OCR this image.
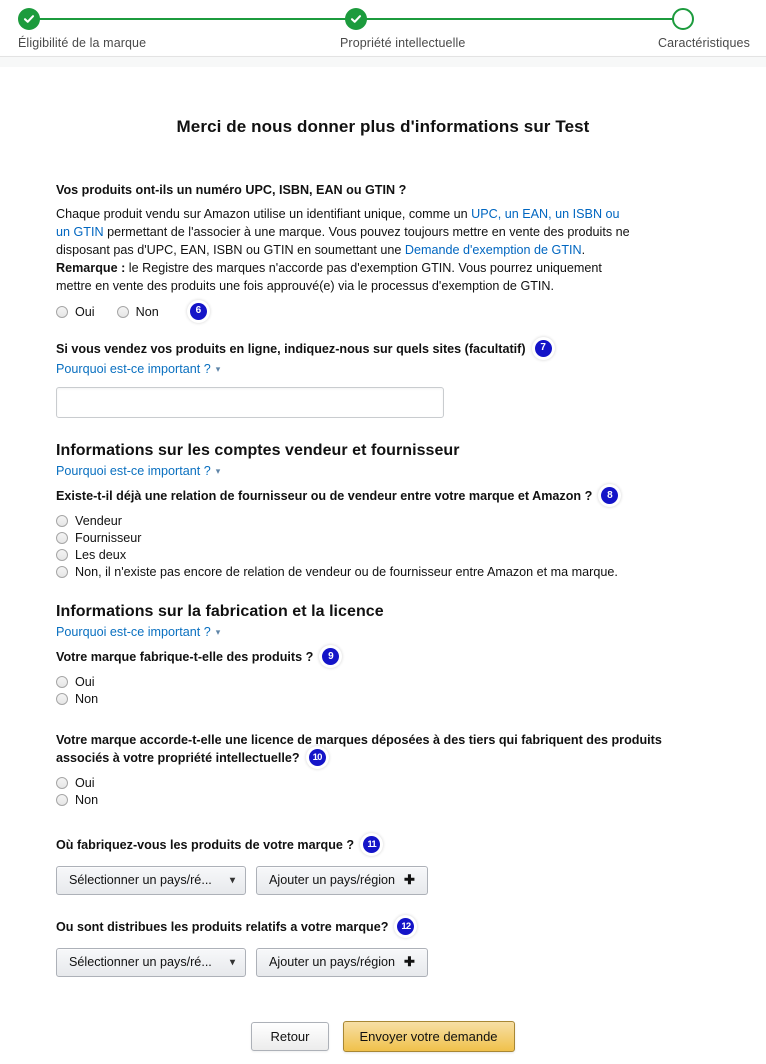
Éligibilité de la marque	Propriété intellectuelle	Caractéristiques
Merci de nous donner plus d'informations sur Test
Vos produits ont-ils un numéro UPC, ISBN, EAN ou GTIN ?

Chaque produit vendu sur Amazon utilise un identifiant unique, comme un UPC, un EAN, un ISBN ou un GTIN permettant de l'associer à une marque. Vous pouvez toujours mettre en vente des produits ne disposant pas d'UPC, EAN, ISBN ou GTIN en soumettant une Demande d'exemption de GTIN.
Remarque : le Registre des marques n'accorde pas d'exemption GTIN. Vous pourrez uniquement mettre en vente des produits une fois approuvé(e) via le processus d'exemption de GTIN.

Oui	Non	6
Si vous vendez vos produits en ligne, indiquez-nous sur quels sites (facultatif) 7
Pourquoi est-ce important ? ▾
Informations sur les comptes vendeur et fournisseur
Pourquoi est-ce important ? ▾
Existe-t-il déjà une relation de fournisseur ou de vendeur entre votre marque et Amazon ? 8
Vendeur
Fournisseur
Les deux
Non, il n'existe pas encore de relation de vendeur ou de fournisseur entre Amazon et ma marque.
Informations sur la fabrication et la licence
Pourquoi est-ce important ? ▾
Votre marque fabrique-t-elle des produits ? 9
Oui
Non
Votre marque accorde-t-elle une licence de marques déposées à des tiers qui fabriquent des produits associés à votre propriété intellectuelle? 10
Oui
Non
Où fabriquez-vous les produits de votre marque ? 11
Sélectionner un pays/ré... ▾	Ajouter un pays/région ✚
Ou sont distribues les produits relatifs a votre marque? 12
Sélectionner un pays/ré... ▾	Ajouter un pays/région ✚
Retour	Envoyer votre demande
